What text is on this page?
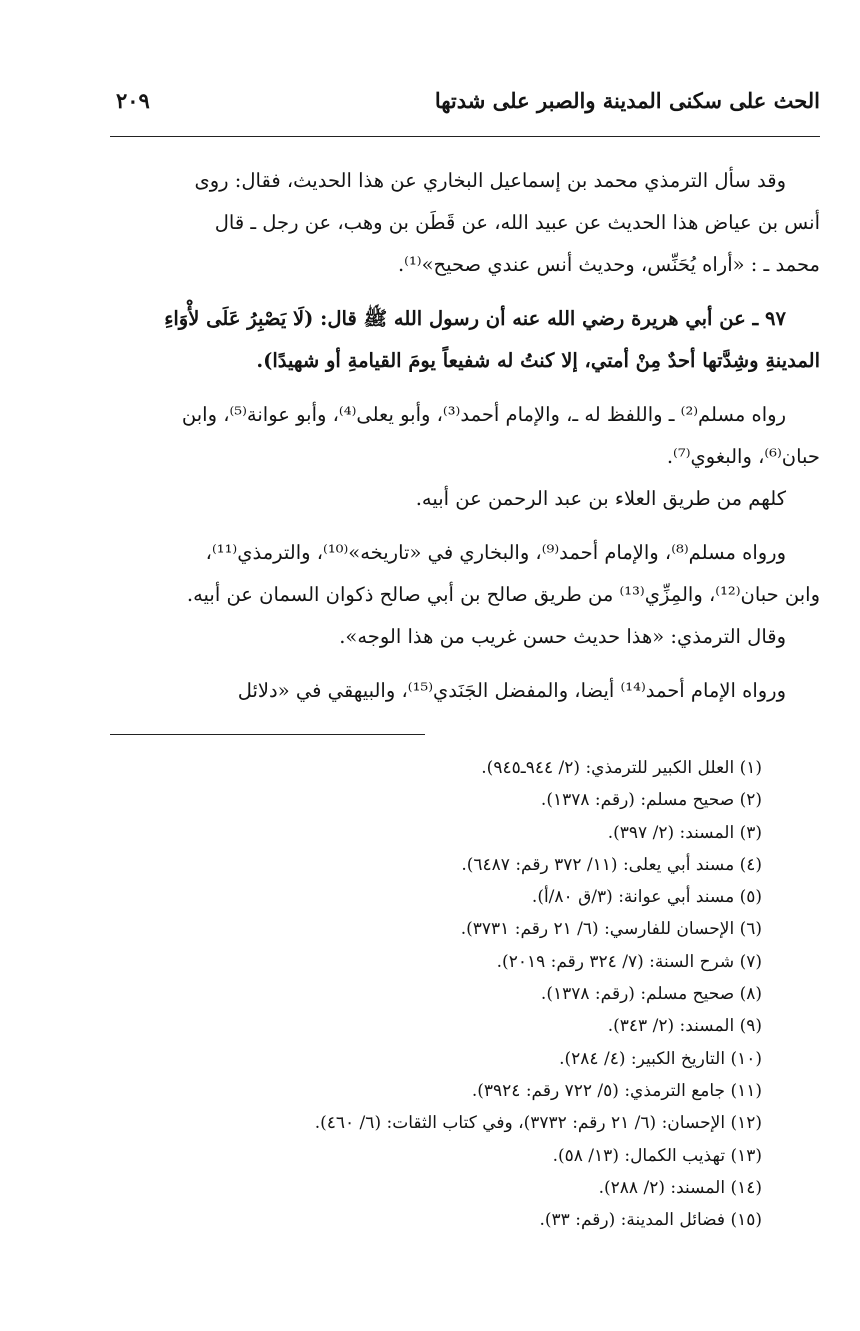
الحث على سكنى المدينة والصبر على شدتها
٢٠٩
وقد سأل الترمذي محمد بن إسماعيل البخاري عن هذا الحديث، فقال: روى
أنس بن عياض هذا الحديث عن عبيد الله، عن قَطَن بن وهب، عن رجل ـ قال
محمد ـ : «أراه يُحَنِّس، وحديث أنس عندي صحيح»⁽¹⁾.
٩٧ ـ عن أبي هريرة رضي الله عنه أن رسول الله ﷺ قال: (لَا يَصْبِرُ عَلَى لأْوَاءِ
المدينةِ وشِدَّتها أحدٌ مِنْ أمتي، إلا كنتُ له شفيعاً يومَ القيامةِ أو شهيدًا).
رواه مسلم⁽²⁾ ـ واللفظ له ـ، والإمام أحمد⁽³⁾، وأبو يعلى⁽⁴⁾، وأبو عوانة⁽⁵⁾، وابن
حبان⁽⁶⁾، والبغوي⁽⁷⁾.
كلهم من طريق العلاء بن عبد الرحمن عن أبيه.
ورواه مسلم⁽⁸⁾، والإمام أحمد⁽⁹⁾، والبخاري في «تاريخه»⁽¹⁰⁾، والترمذي⁽¹¹⁾،
وابن حبان⁽¹²⁾، والمِزِّي⁽¹³⁾ من طريق صالح بن أبي صالح ذكوان السمان عن أبيه.
وقال الترمذي: «هذا حديث حسن غريب من هذا الوجه».
ورواه الإمام أحمد⁽¹⁴⁾ أيضا، والمفضل الجَنَدي⁽¹⁵⁾، والبيهقي في «دلائل
(١) العلل الكبير للترمذي: (٢/ ٩٤٤ـ٩٤٥).
(٢) صحيح مسلم: (رقم: ١٣٧٨).
(٣) المسند: (٢/ ٣٩٧).
(٤) مسند أبي يعلى: (١١/ ٣٧٢ رقم: ٦٤٨٧).
(٥) مسند أبي عوانة: (٣/ق ٨٠/أ).
(٦) الإحسان للفارسي: (٦/ ٢١ رقم: ٣٧٣١).
(٧) شرح السنة: (٧/ ٣٢٤ رقم: ٢٠١٩).
(٨) صحيح مسلم: (رقم: ١٣٧٨).
(٩) المسند: (٢/ ٣٤٣).
(١٠) التاريخ الكبير: (٤/ ٢٨٤).
(١١) جامع الترمذي: (٥/ ٧٢٢ رقم: ٣٩٢٤).
(١٢) الإحسان: (٦/ ٢١ رقم: ٣٧٣٢)، وفي كتاب الثقات: (٦/ ٤٦٠).
(١٣) تهذيب الكمال: (١٣/ ٥٨).
(١٤) المسند: (٢/ ٢٨٨).
(١٥) فضائل المدينة: (رقم: ٣٣).
